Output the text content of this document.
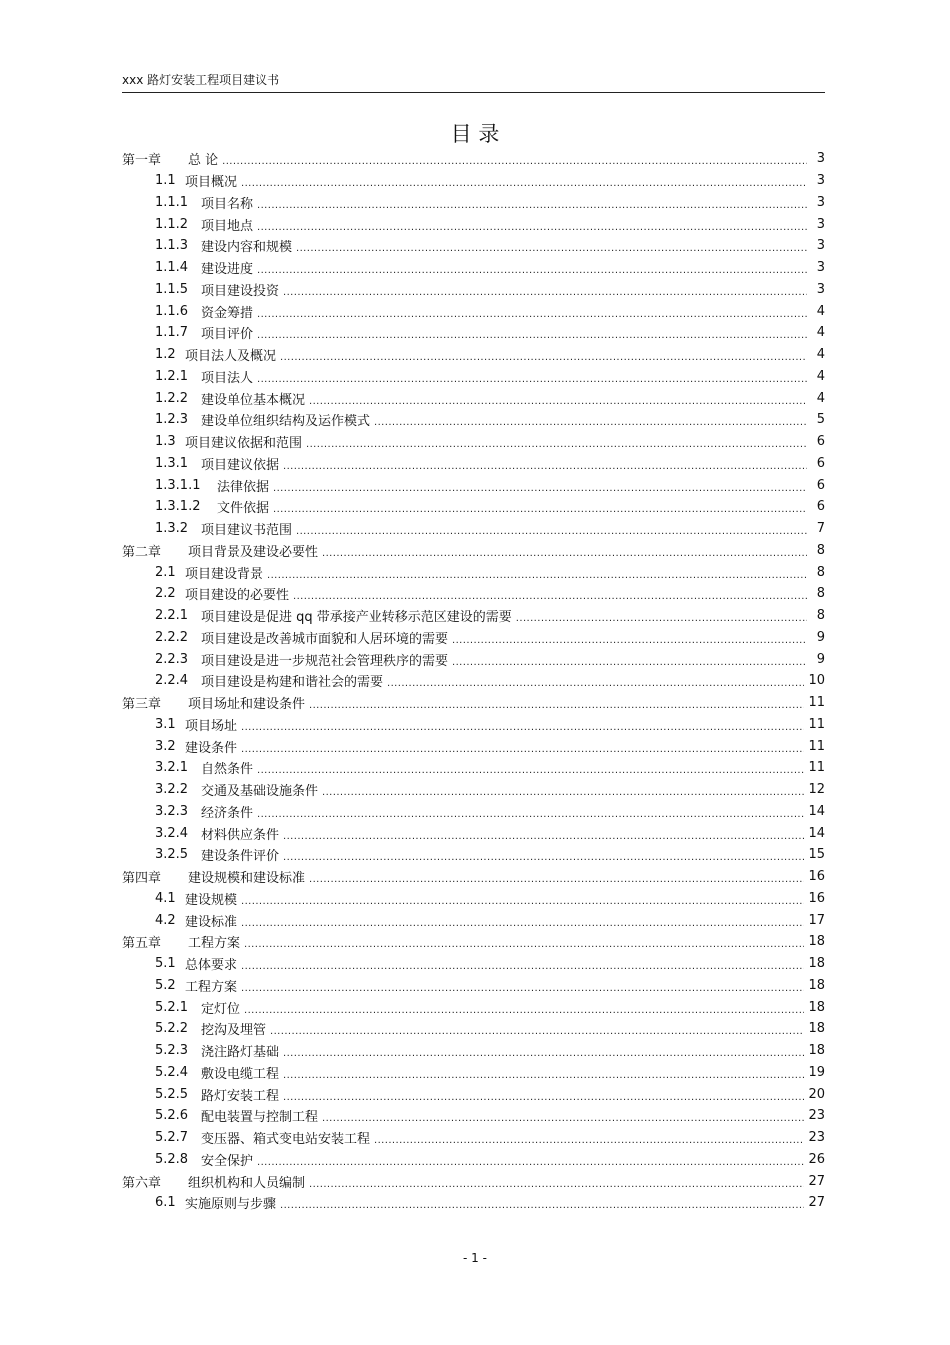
xxx 路灯安装工程项目建议书
目 录
第一章	总 论 .....	3
1.1 项目概况 .....	3
1.1.1 项目名称 .....	3
1.1.2 项目地点 .....	3
1.1.3 建设内容和规模 .....	3
1.1.4 建设进度 .....	3
1.1.5 项目建设投资 .....	3
1.1.6 资金筹措 .....	4
1.1.7 项目评价 .....	4
1.2 项目法人及概况 .....	4
1.2.1 项目法人 .....	4
1.2.2 建设单位基本概况 .....	4
1.2.3 建设单位组织结构及运作模式 .....	5
1.3 项目建议依据和范围 .....	6
1.3.1 项目建议依据 .....	6
1.3.1.1	法律依据 .....	6
1.3.1.2	文件依据 .....	6
1.3.2 项目建议书范围 .....	7
第二章	项目背景及建设必要性 .....	8
2.1 项目建设背景 .....	8
2.2 项目建设的必要性 .....	8
2.2.1 项目建设是促进 qq 带承接产业转移示范区建设的需要 .....	8
2.2.2 项目建设是改善城市面貌和人居环境的需要 .....	9
2.2.3 项目建设是进一步规范社会管理秩序的需要 .....	9
2.2.4 项目建设是构建和谐社会的需要 .....	10
第三章	项目场址和建设条件 .....	11
3.1 项目场址 .....	11
3.2 建设条件 .....	11
3.2.1 自然条件 .....	11
3.2.2 交通及基础设施条件 .....	12
3.2.3 经济条件 .....	14
3.2.4 材料供应条件 .....	14
3.2.5 建设条件评价 .....	15
第四章	建设规模和建设标准 .....	16
4.1 建设规模 .....	16
4.2 建设标准 .....	17
第五章	工程方案 .....	18
5.1 总体要求 .....	18
5.2 工程方案 .....	18
5.2.1 定灯位 .....	18
5.2.2 挖沟及埋管 .....	18
5.2.3 浇注路灯基础 .....	18
5.2.4 敷设电缆工程 .....	19
5.2.5 路灯安装工程 .....	20
5.2.6 配电装置与控制工程 .....	23
5.2.7 变压器、箱式变电站安装工程 .....	23
5.2.8 安全保护 .....	26
第六章	组织机构和人员编制 .....	27
6.1 实施原则与步骤 .....	27
- 1 -
